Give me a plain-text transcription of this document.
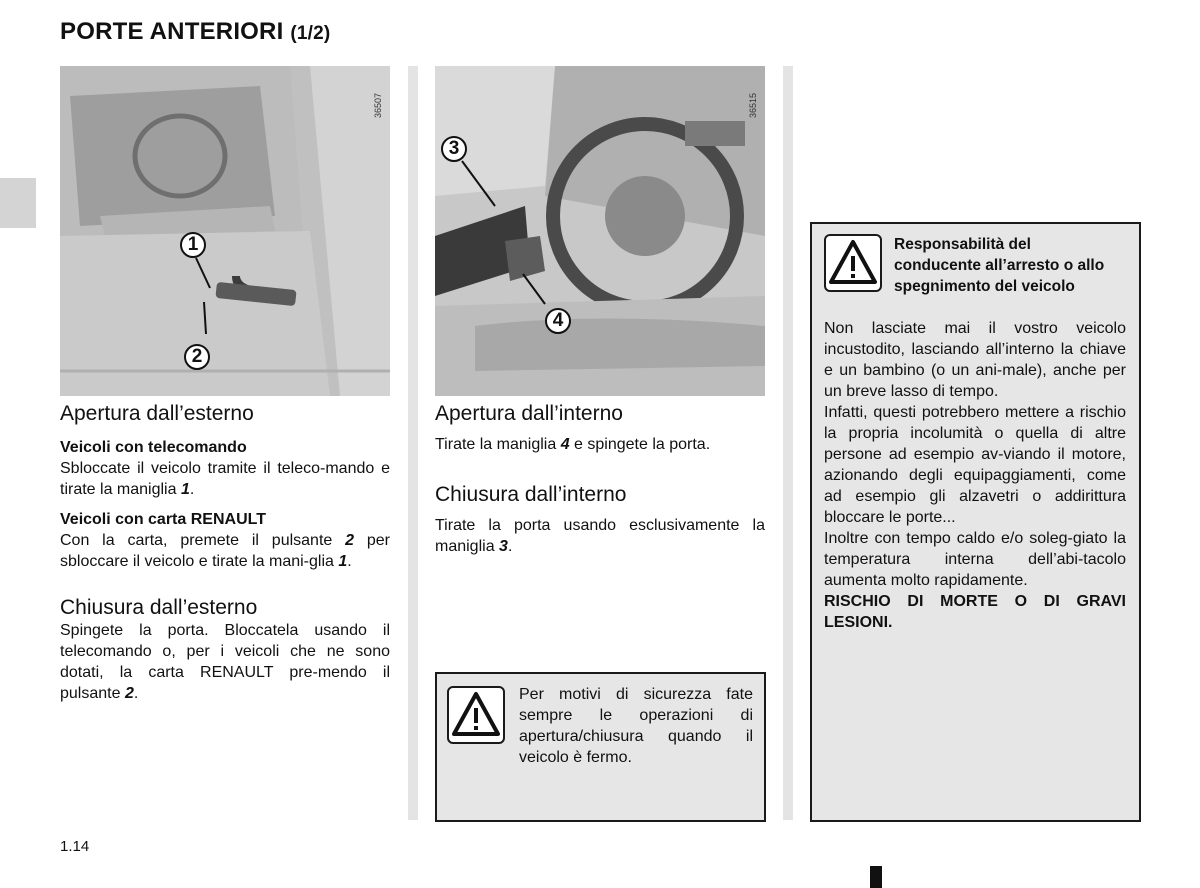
PORTE ANTERIORI (1/2)
36507
1
2
36515
3
4
Apertura dall’esterno

Veicoli con telecomando

Sbloccate il veicolo tramite il teleco-mando e tirate la maniglia 1.

Veicoli con carta RENAULT

Con la carta, premete il pulsante 2 per sbloccare il veicolo e tirate la mani-glia 1.

Chiusura dall’esterno

Spingete la porta. Bloccatela usando il telecomando o, per i veicoli che ne sono dotati, la carta RENAULT pre-mendo il pulsante 2.

Apertura dall’interno

Tirate la maniglia 4 e spingete la porta.

Chiusura dall’interno

Tirate la porta usando esclusivamente la maniglia 3.

Per motivi di sicurezza fate sempre le operazioni di apertura/chiusura quando il veicolo è fermo.

Responsabilità del conducente all’arresto o allo spegnimento del veicolo

Non lasciate mai il vostro veicolo incustodito, lasciando all’interno la chiave e un bambino (o un ani-male), anche per un breve lasso di tempo.

Infatti, questi potrebbero mettere a rischio la propria incolumità o quella di altre persone ad esempio av-viando il motore, azionando degli equipaggiamenti, come ad esempio gli alzavetri o addirittura bloccare le porte...

Inoltre con tempo caldo e/o soleg-giato la temperatura interna dell’abi-tacolo aumenta molto rapidamente.

RISCHIO DI MORTE O DI GRAVI LESIONI.

1.14
